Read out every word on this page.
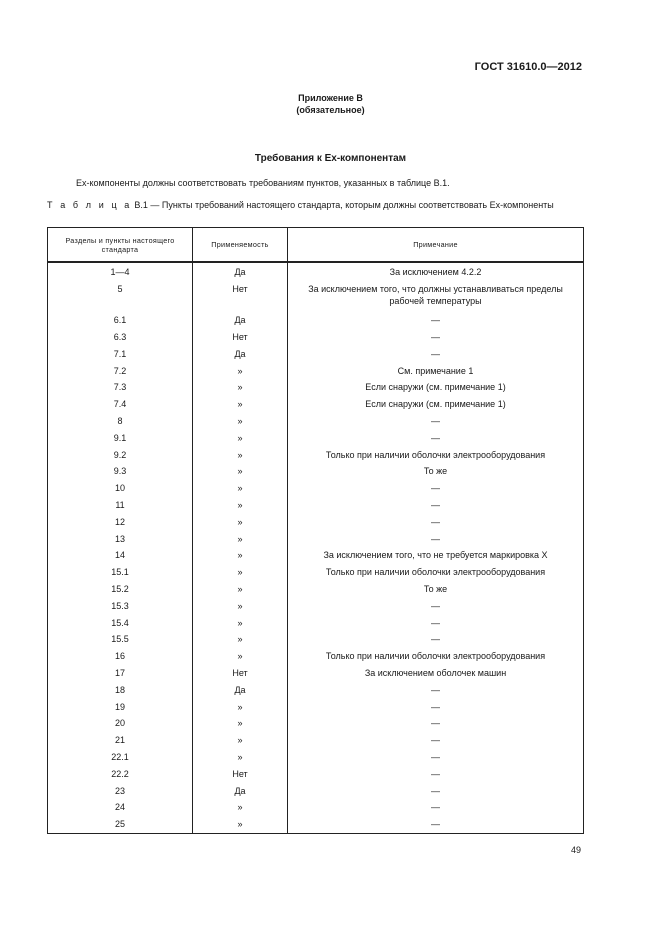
ГОСТ 31610.0—2012
Приложение В
(обязательное)
Требования к Ex-компонентам
Ex-компоненты должны соответствовать требованиям пунктов, указанных в таблице В.1.
Т а б л и ц а В.1 — Пункты требований настоящего стандарта, которым должны соответствовать Ex-компоненты
Разделы и пункты настоящего стандарта	Применяемость	Примечание
1—4	Да	За исключением 4.2.2
5	Нет	За исключением того, что должны устанавливаться пределы рабочей температуры
6.1	Да	—
6.3	Нет	—
7.1	Да	—
7.2	»	См. примечание 1
7.3	»	Если снаружи (см. примечание 1)
7.4	»	Если снаружи (см. примечание 1)
8	»	—
9.1	»	—
9.2	»	Только при наличии оболочки электрооборудования
9.3	»	То же
10	»	—
11	»	—
12	»	—
13	»	—
14	»	За исключением того, что не требуется маркировка X
15.1	»	Только при наличии оболочки электрооборудования
15.2	»	То же
15.3	»	—
15.4	»	—
15.5	»	—
16	»	Только при наличии оболочки электрооборудования
17	Нет	За исключением оболочек машин
18	Да	—
19	»	—
20	»	—
21	»	—
22.1	»	—
22.2	Нет	—
23	Да	—
24	»	—
25	»	—
49
